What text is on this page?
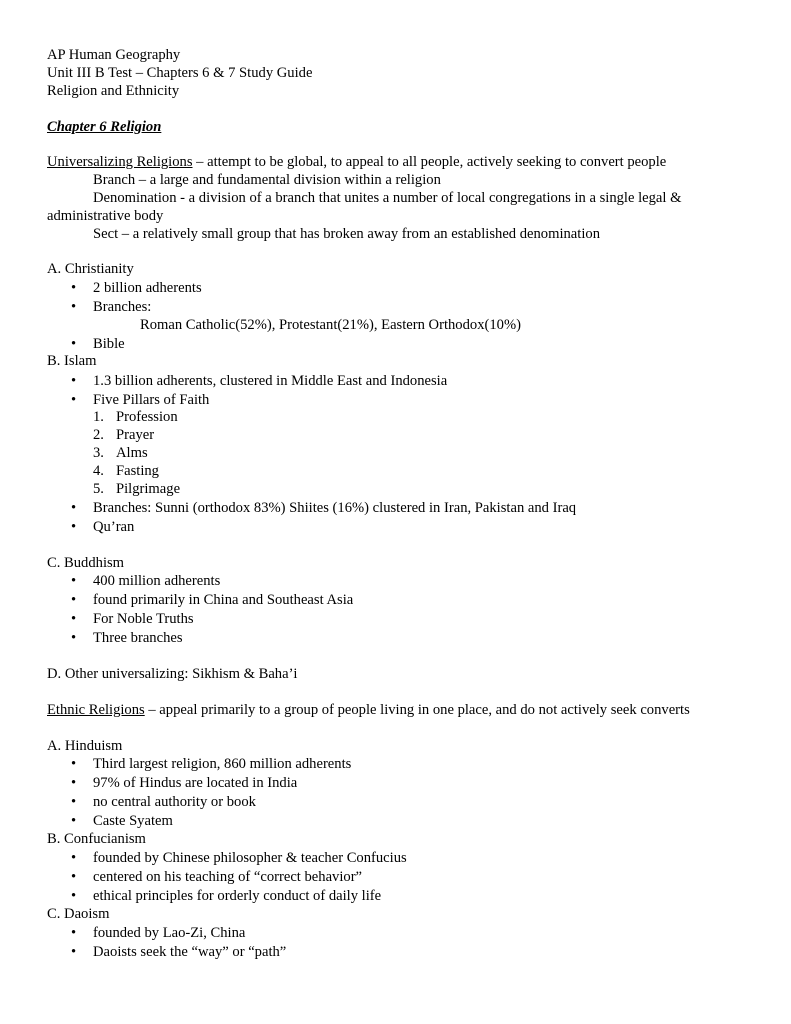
AP Human Geography
Unit III B Test – Chapters 6 & 7 Study Guide
Religion and Ethnicity
Chapter 6 Religion
Universalizing Religions – attempt to be global, to appeal to all people, actively seeking to convert people
Branch – a large and fundamental division within a religion
Denomination - a division of a branch that unites a number of local congregations in a single legal &
administrative body
Sect – a relatively small group that has broken away from an established denomination
A. Christianity
• 2 billion adherents
• Branches:
Roman Catholic(52%), Protestant(21%), Eastern Orthodox(10%)
• Bible
B. Islam
• 1.3 billion adherents, clustered in Middle East and Indonesia
• Five Pillars of Faith
1. Profession
2. Prayer
3. Alms
4. Fasting
5. Pilgrimage
• Branches: Sunni (orthodox 83%) Shiites (16%) clustered in Iran, Pakistan and Iraq
• Qu’ran
C. Buddhism
• 400 million adherents
• found primarily in China and Southeast Asia
• For Noble Truths
• Three branches
D. Other universalizing: Sikhism & Baha’i
Ethnic Religions – appeal primarily to a group of people living in one place, and do not actively seek converts
A. Hinduism
• Third largest religion, 860 million adherents
• 97% of Hindus are located in India
• no central authority or book
• Caste Syatem
B. Confucianism
• founded by Chinese philosopher & teacher Confucius
• centered on his teaching of “correct behavior”
• ethical principles for orderly conduct of daily life
C. Daoism
• founded by Lao-Zi, China
• Daoists seek the “way” or “path”
